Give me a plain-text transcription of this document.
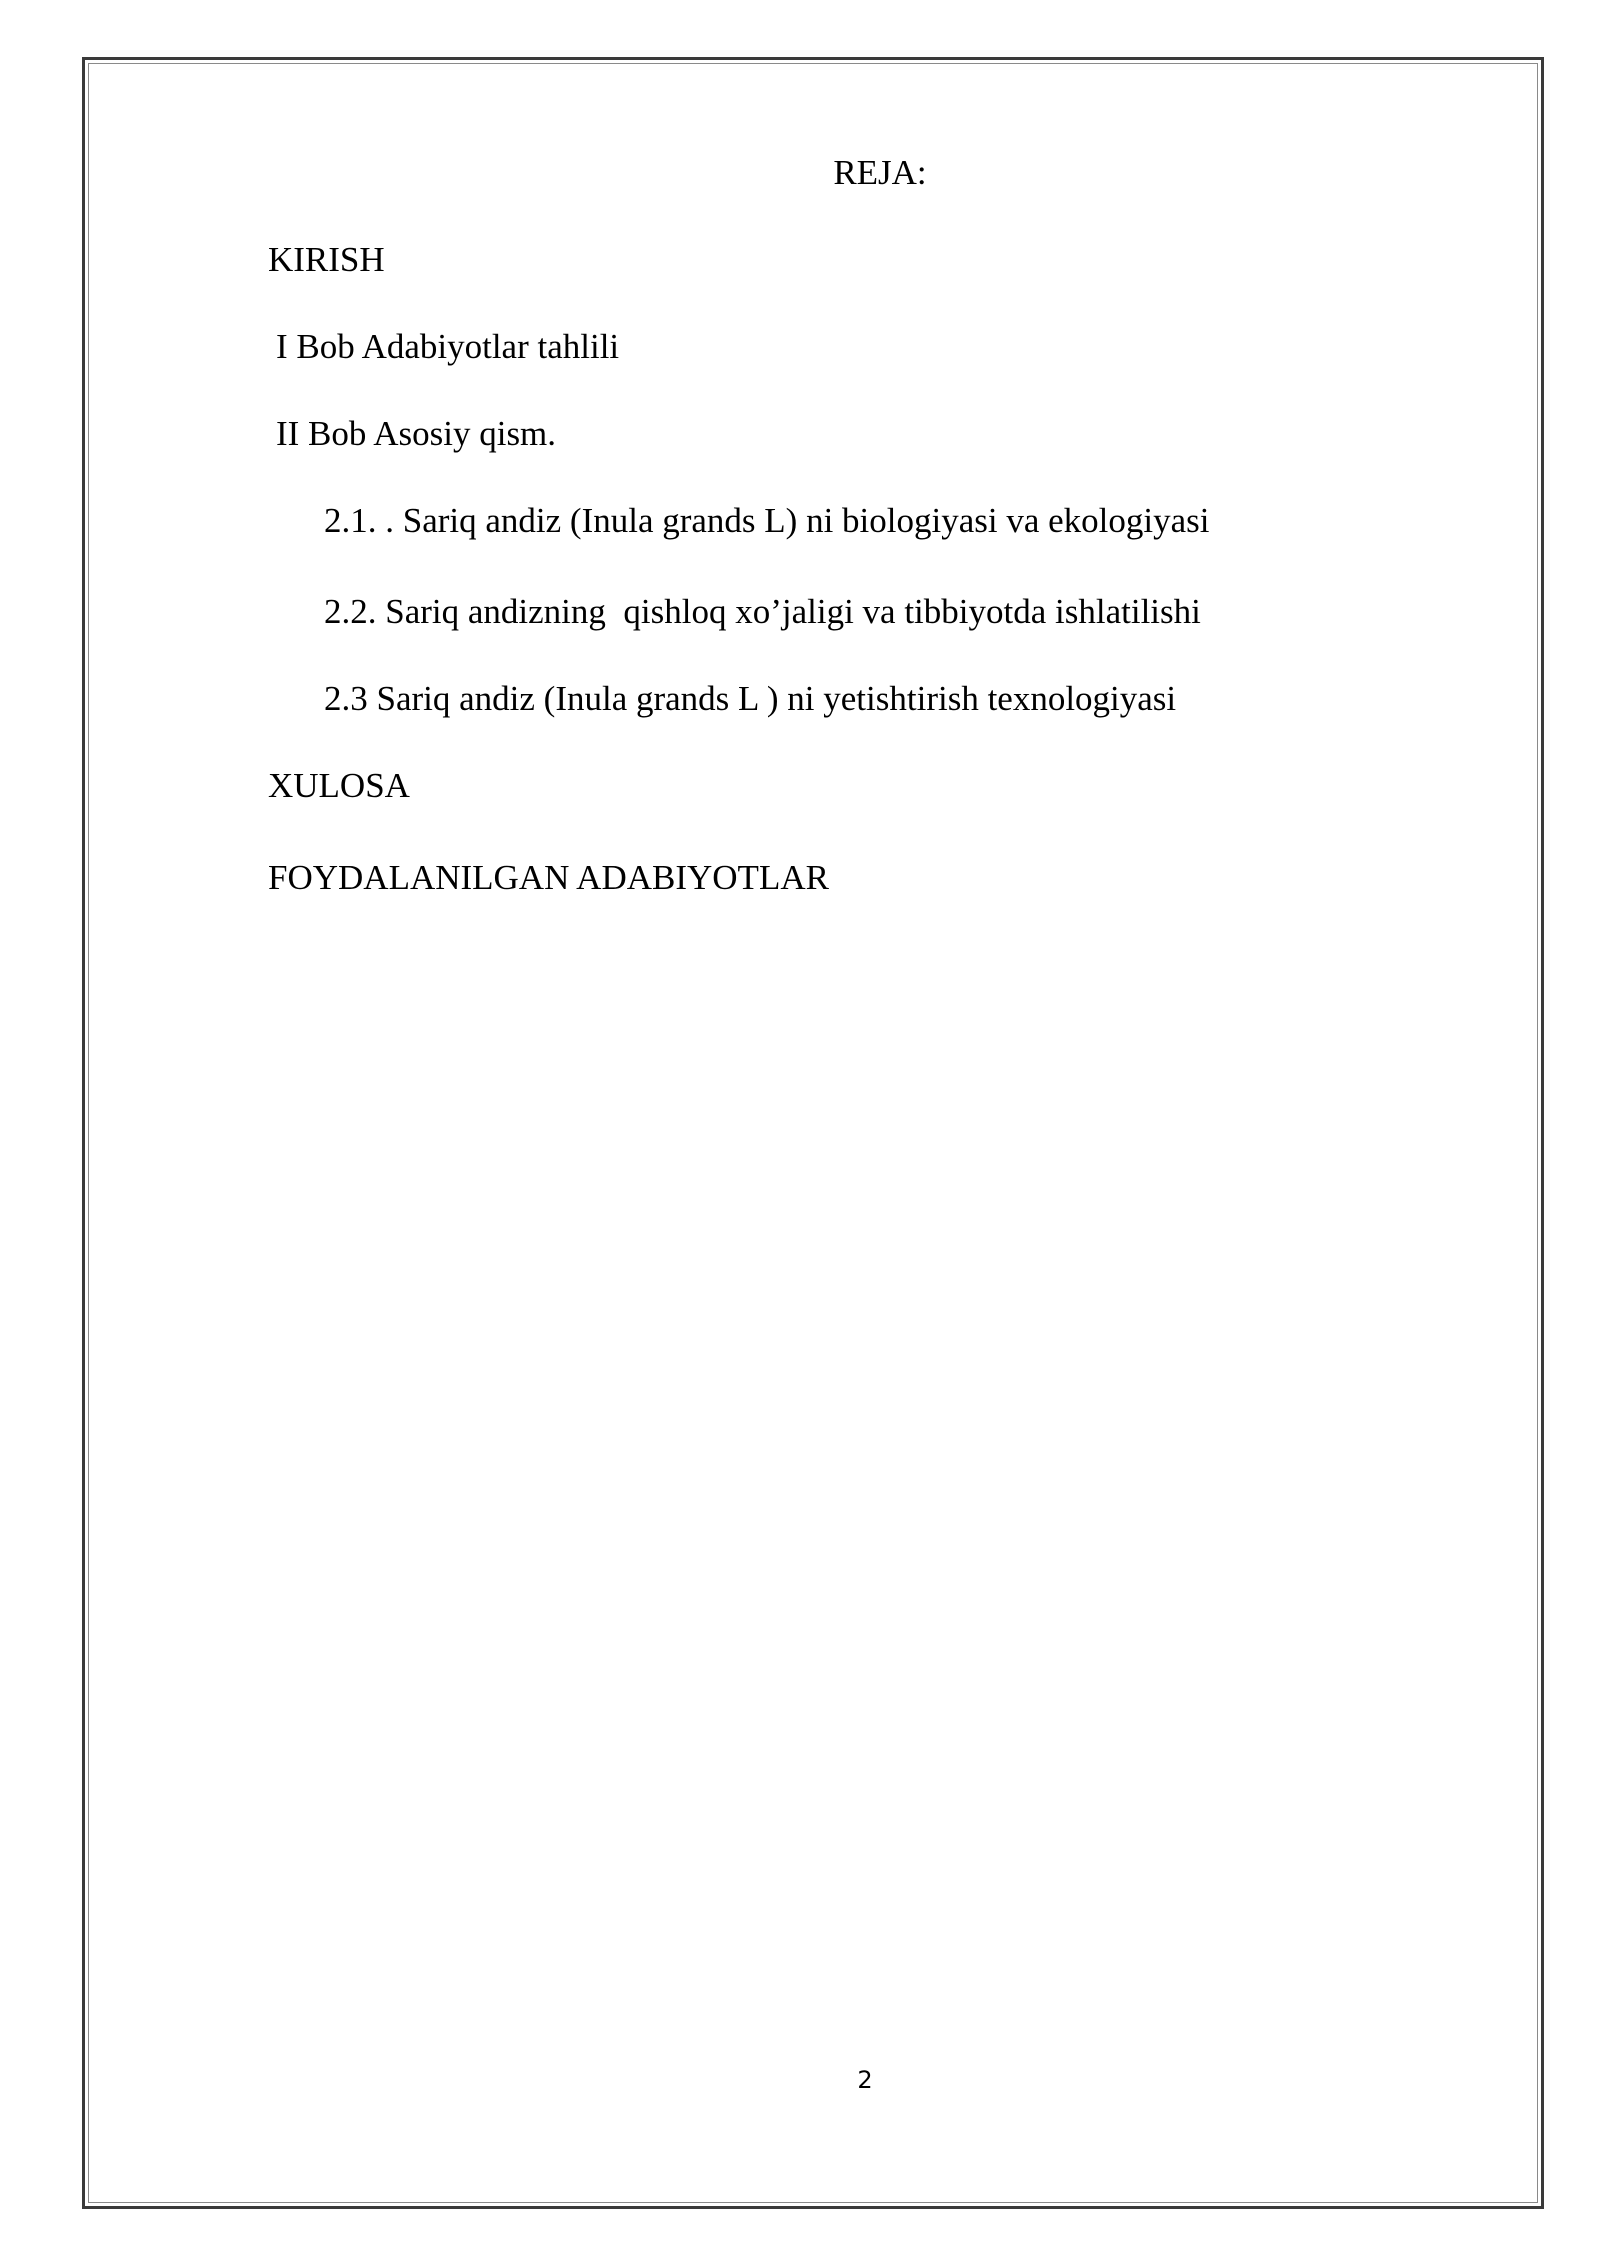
REJA:

KIRISH

I Bob Adabiyotlar tahlili

II Bob Asosiy qism.

2.1. . Sariq andiz (Inula grands L) ni biologiyasi va ekologiyasi

2.2. Sariq andizning  qishloq xo’jaligi va tibbiyotda ishlatilishi

2.3 Sariq andiz (Inula grands L ) ni yetishtirish texnologiyasi

XULOSA

FOYDALANILGAN ADABIYOTLAR

2
